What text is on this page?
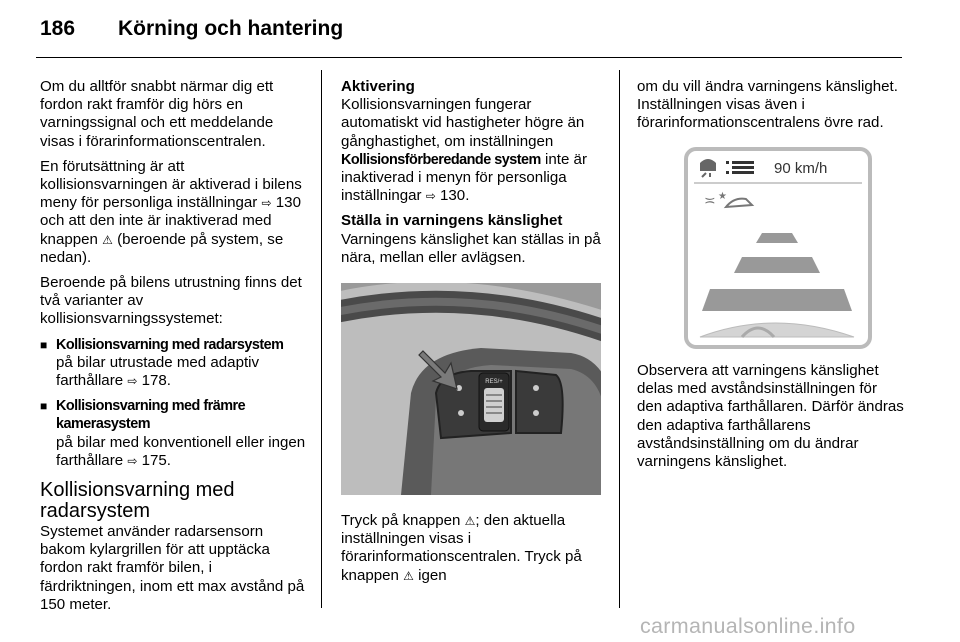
186	Körning och hantering

Om du alltför snabbt närmar dig ett fordon rakt framför dig hörs en varningssignal och ett meddelande visas i förarinformationscentralen.

En förutsättning är att kollisionsvarningen är aktiverad i bilens meny för personliga inställningar ⇨ 130 och att den inte är inaktiverad med knappen ⚠ (beroende på system, se nedan).

Beroende på bilens utrustning finns det två varianter av kollisionsvarningssystemet:

■ Kollisionsvarning med radarsystem

på bilar utrustade med adaptiv farthållare ⇨ 178.

■ Kollisionsvarning med främre kamerasystem

på bilar med konventionell eller ingen farthållare ⇨ 175.

Kollisionsvarning med radarsystem

Systemet använder radarsensorn bakom kylargrillen för att upptäcka fordon rakt framför bilen, i färdriktningen, inom ett max avstånd på 150 meter.

Aktivering

Kollisionsvarningen fungerar automatiskt vid hastigheter högre än gånghastighet, om inställningen Kollisionsförberedande system inte är inaktiverad i menyn för personliga inställningar ⇨ 130.

Ställa in varningens känslighet

Varningens känslighet kan ställas in på nära, mellan eller avlägsen.

RES/+

Tryck på knappen ⚠; den aktuella inställningen visas i förarinformationscentralen. Tryck på knappen ⚠ igen

om du vill ändra varningens känslighet. Inställningen visas även i förarinformationscentralens övre rad.

90 km/h
≍ ★

Observera att varningens känslighet delas med avståndsinställningen för den adaptiva farthållaren. Därför ändras den adaptiva farthållarens avståndsinställning om du ändrar varningens känslighet.

carmanualsonline.info
